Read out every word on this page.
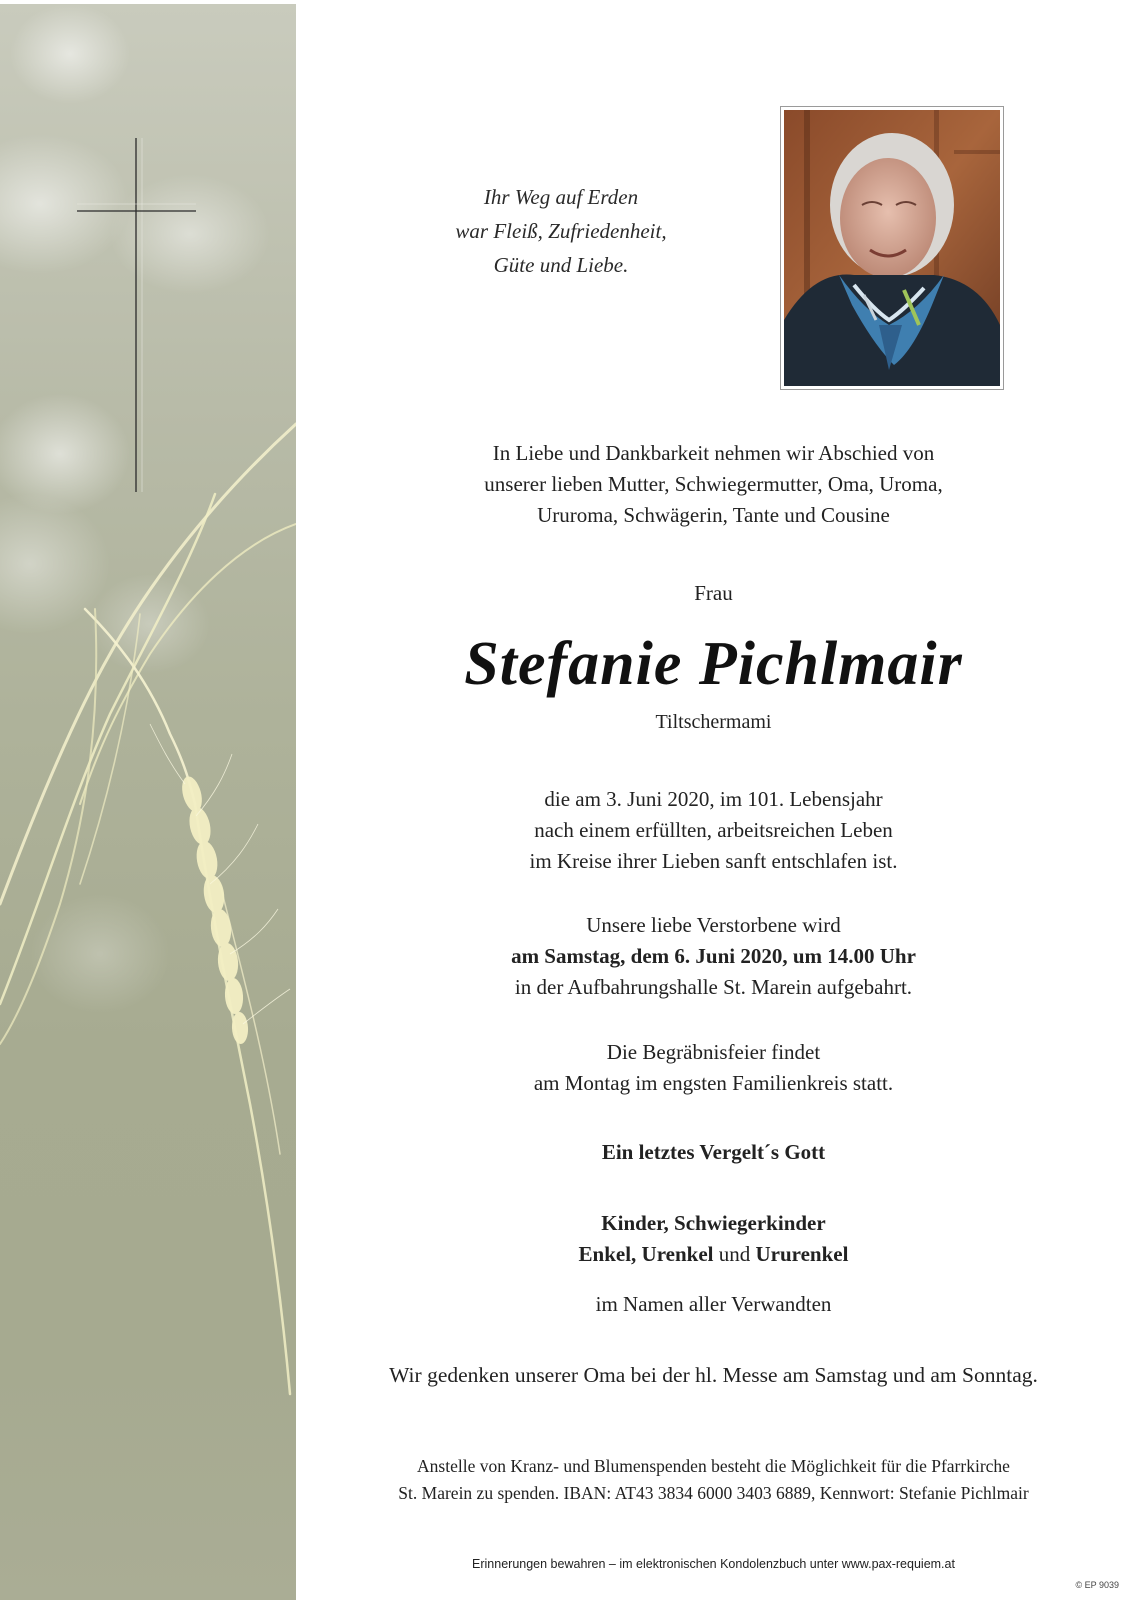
Ihr Weg auf Erden
war Fleiß, Zufriedenheit,
Güte und Liebe.
In Liebe und Dankbarkeit nehmen wir Abschied von
unserer lieben Mutter, Schwiegermutter, Oma, Uroma,
Ururoma, Schwägerin, Tante und Cousine
Frau
Stefanie Pichlmair
Tiltschermami
die am 3. Juni 2020, im 101. Lebensjahr
nach einem erfüllten, arbeitsreichen Leben
im Kreise ihrer Lieben sanft entschlafen ist.
Unsere liebe Verstorbene wird
am Samstag, dem 6. Juni 2020, um 14.00 Uhr
in der Aufbahrungshalle St. Marein aufgebahrt.
Die Begräbnisfeier findet
am Montag im engsten Familienkreis statt.
Ein letztes Vergelt´s Gott
Kinder, Schwiegerkinder
Enkel, Urenkel und Ururenkel
im Namen aller Verwandten
Wir gedenken unserer Oma bei der hl. Messe am Samstag und am Sonntag.
Anstelle von Kranz- und Blumenspenden besteht die Möglichkeit für die Pfarrkirche
St. Marein zu spenden. IBAN: AT43 3834 6000 3403 6889, Kennwort: Stefanie Pichlmair
Erinnerungen bewahren – im elektronischen Kondolenzbuch unter www.pax-requiem.at
© EP 9039
